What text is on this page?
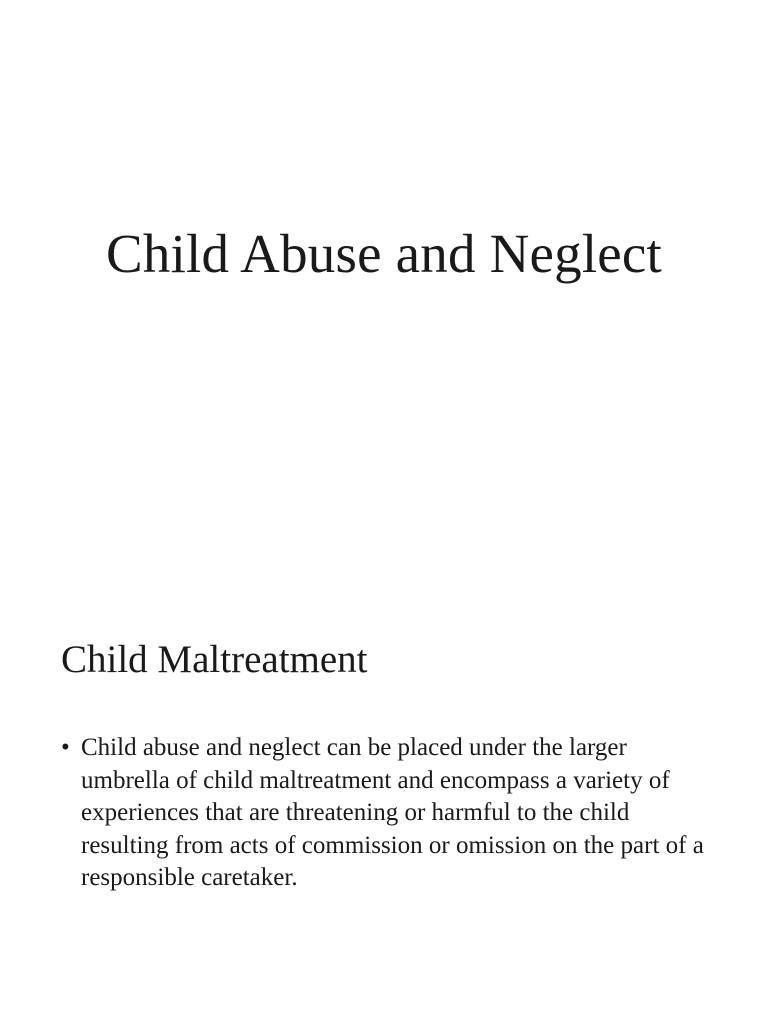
Child Abuse and Neglect
Child Maltreatment
• Child abuse and neglect can be placed under the larger umbrella of child maltreatment and encompass a variety of experiences that are threatening or harmful to the child resulting from acts of commission or omission on the part of a responsible caretaker.
